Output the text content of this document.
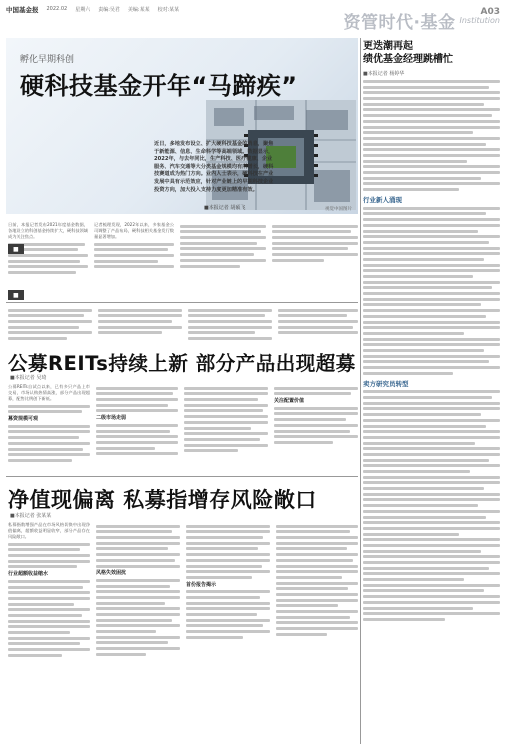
中国基金报 2022.02 星期六 责编:吴君 美编:某某 校对:某某
资管时代·基金
A03
Institution
孵化早期科创
硬科技基金开年“马蹄疾”
近日，多地发布设立、扩大硬科技基金的消息，聚焦于新能源、信息、生命科学等高端领域。数据显示，2022年，与去年同比，生产科技、医疗健康、企业服务、汽车交通等大分类基金规模均有所增长，硬科技赛道成为热门方向。业内人士表示，硬科技在产业发展中具有示范效应，针对产业链上的早期科技企业投资方向，加大投入支持力度更加精准有效。
■本报记者 胡硕飞	视觉中国图片
日前，本报记者发布2021年度基金数据，各地设立的科创基金持续扩大，硬科技领域成为关注焦点。
记者梳理发现，2022年以来，多家基金公司调整了产品布局，硬科技相关基金发行数量显著增加。
■
■
公募REITs持续上新 部分产品出现超募
■本报记者 吴琦
公募REITs自试点以来，已有多只产品上市交易，市场认购热情高涨，部分产品出现超募，配售比例创下新低。
募资规模可观	二级市场走弱
关注配置价值
净值现偏离 私募指增存风险敞口
■本报记者 张某某
私募指数增强产品在市场风格切换中出现净值偏离，超额收益明显收窄，部分产品存在风险敞口。
行业超额收益缩水	风格失效困扰
首份报告揭示
更迭潮再起
绩优基金经理跳槽忙
■本报记者 杨婷华
行业新人涌现
卖方研究员转型
